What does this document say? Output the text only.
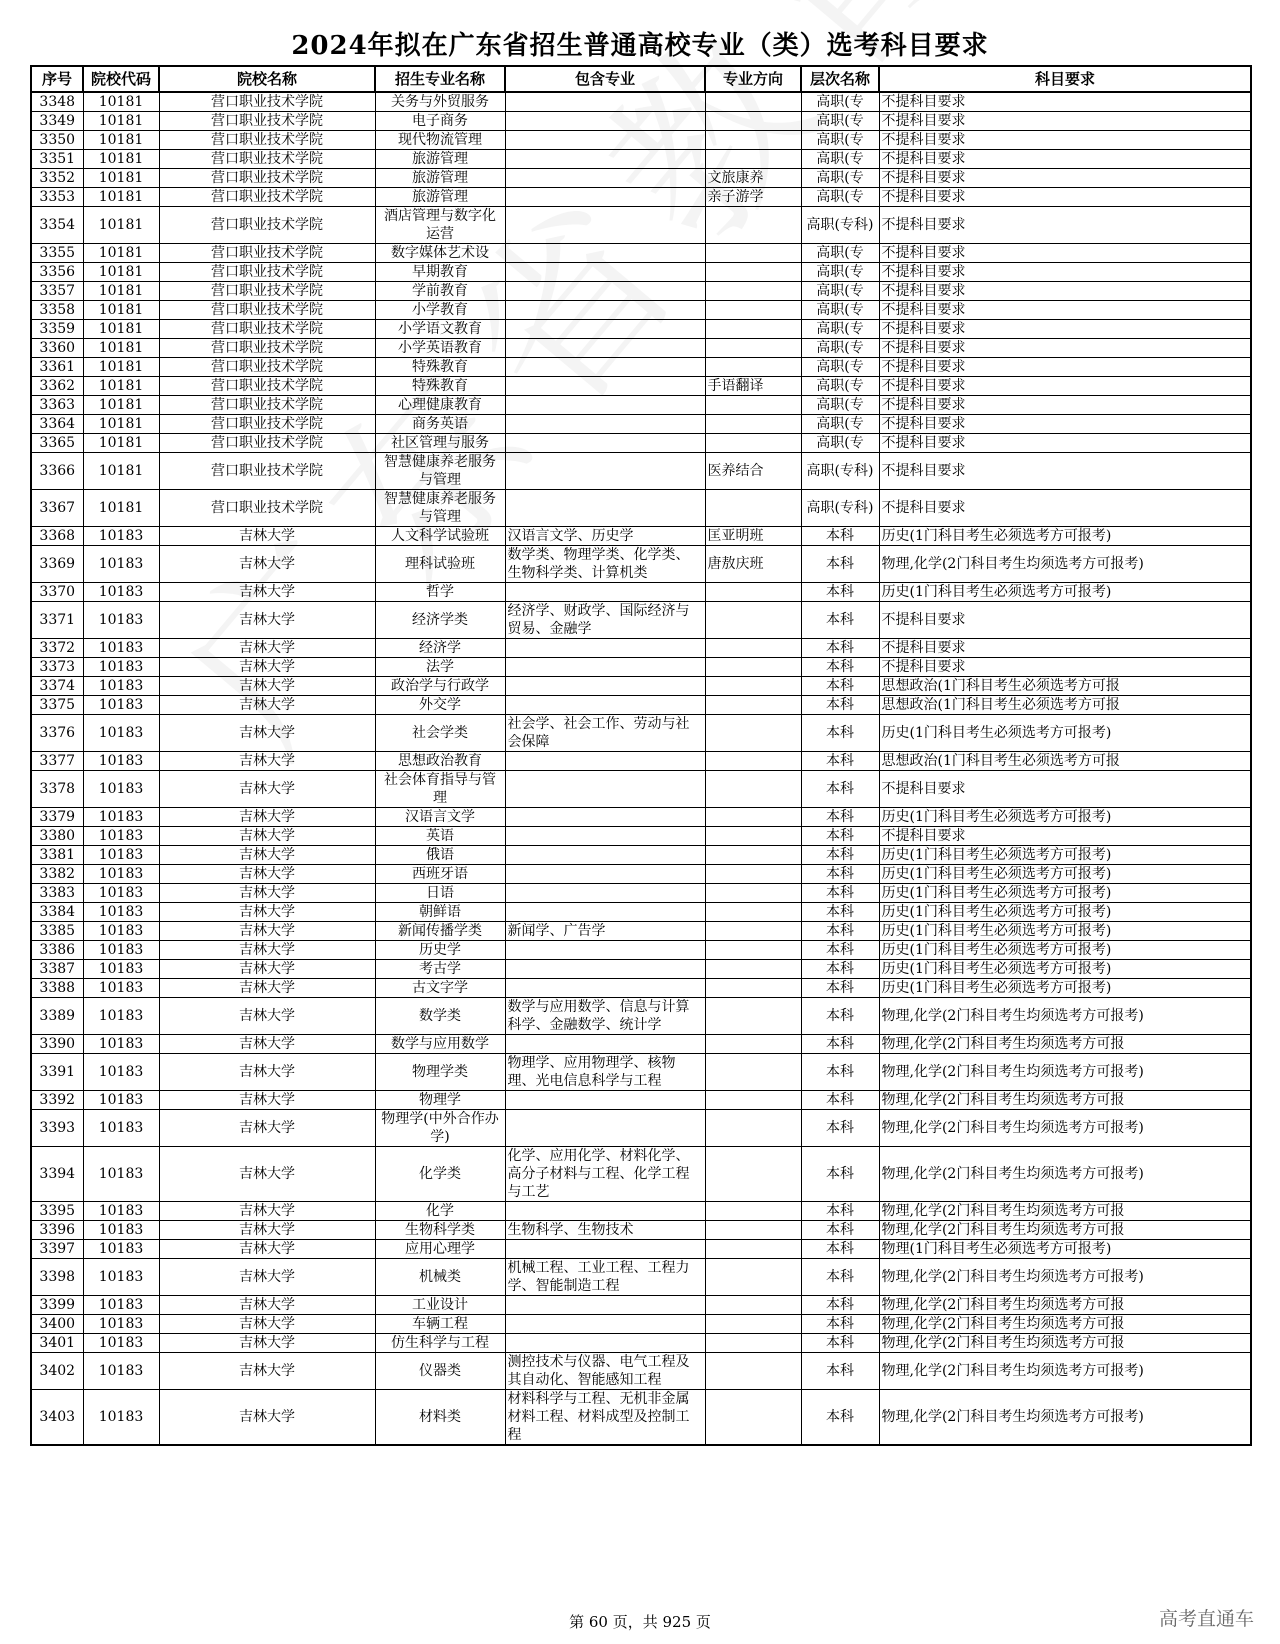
2024年拟在广东省招生普通高校专业（类）选考科目要求
序号	院校代码	院校名称	招生专业名称	包含专业	专业方向	层次名称	科目要求
3348	10181	营口职业技术学院	关务与外贸服务			高职(专	不提科目要求
3349	10181	营口职业技术学院	电子商务			高职(专	不提科目要求
3350	10181	营口职业技术学院	现代物流管理			高职(专	不提科目要求
3351	10181	营口职业技术学院	旅游管理			高职(专	不提科目要求
3352	10181	营口职业技术学院	旅游管理		文旅康养	高职(专	不提科目要求
3353	10181	营口职业技术学院	旅游管理		亲子游学	高职(专	不提科目要求
3354	10181	营口职业技术学院	酒店管理与数字化运营			高职(专科)	不提科目要求
3355	10181	营口职业技术学院	数字媒体艺术设			高职(专	不提科目要求
3356	10181	营口职业技术学院	早期教育			高职(专	不提科目要求
3357	10181	营口职业技术学院	学前教育			高职(专	不提科目要求
3358	10181	营口职业技术学院	小学教育			高职(专	不提科目要求
3359	10181	营口职业技术学院	小学语文教育			高职(专	不提科目要求
3360	10181	营口职业技术学院	小学英语教育			高职(专	不提科目要求
3361	10181	营口职业技术学院	特殊教育			高职(专	不提科目要求
3362	10181	营口职业技术学院	特殊教育		手语翻译	高职(专	不提科目要求
3363	10181	营口职业技术学院	心理健康教育			高职(专	不提科目要求
3364	10181	营口职业技术学院	商务英语			高职(专	不提科目要求
3365	10181	营口职业技术学院	社区管理与服务			高职(专	不提科目要求
3366	10181	营口职业技术学院	智慧健康养老服务与管理		医养结合	高职(专科)	不提科目要求
3367	10181	营口职业技术学院	智慧健康养老服务与管理			高职(专科)	不提科目要求
3368	10183	吉林大学	人文科学试验班	汉语言文学、历史学	匡亚明班	本科	历史(1门科目考生必须选考方可报考)
3369	10183	吉林大学	理科试验班	数学类、物理学类、化学类、生物科学类、计算机类	唐敖庆班	本科	物理,化学(2门科目考生均须选考方可报考)
3370	10183	吉林大学	哲学			本科	历史(1门科目考生必须选考方可报考)
3371	10183	吉林大学	经济学类	经济学、财政学、国际经济与贸易、金融学		本科	不提科目要求
3372	10183	吉林大学	经济学			本科	不提科目要求
3373	10183	吉林大学	法学			本科	不提科目要求
3374	10183	吉林大学	政治学与行政学			本科	思想政治(1门科目考生必须选考方可报
3375	10183	吉林大学	外交学			本科	思想政治(1门科目考生必须选考方可报
3376	10183	吉林大学	社会学类	社会学、社会工作、劳动与社会保障		本科	历史(1门科目考生必须选考方可报考)
3377	10183	吉林大学	思想政治教育			本科	思想政治(1门科目考生必须选考方可报
3378	10183	吉林大学	社会体育指导与管理			本科	不提科目要求
3379	10183	吉林大学	汉语言文学			本科	历史(1门科目考生必须选考方可报考)
3380	10183	吉林大学	英语			本科	不提科目要求
3381	10183	吉林大学	俄语			本科	历史(1门科目考生必须选考方可报考)
3382	10183	吉林大学	西班牙语			本科	历史(1门科目考生必须选考方可报考)
3383	10183	吉林大学	日语			本科	历史(1门科目考生必须选考方可报考)
3384	10183	吉林大学	朝鲜语			本科	历史(1门科目考生必须选考方可报考)
3385	10183	吉林大学	新闻传播学类	新闻学、广告学		本科	历史(1门科目考生必须选考方可报考)
3386	10183	吉林大学	历史学			本科	历史(1门科目考生必须选考方可报考)
3387	10183	吉林大学	考古学			本科	历史(1门科目考生必须选考方可报考)
3388	10183	吉林大学	古文字学			本科	历史(1门科目考生必须选考方可报考)
3389	10183	吉林大学	数学类	数学与应用数学、信息与计算科学、金融数学、统计学		本科	物理,化学(2门科目考生均须选考方可报考)
3390	10183	吉林大学	数学与应用数学			本科	物理,化学(2门科目考生均须选考方可报
3391	10183	吉林大学	物理学类	物理学、应用物理学、核物理、光电信息科学与工程		本科	物理,化学(2门科目考生均须选考方可报考)
3392	10183	吉林大学	物理学			本科	物理,化学(2门科目考生均须选考方可报
3393	10183	吉林大学	物理学(中外合作办学)			本科	物理,化学(2门科目考生均须选考方可报考)
3394	10183	吉林大学	化学类	化学、应用化学、材料化学、高分子材料与工程、化学工程与工艺		本科	物理,化学(2门科目考生均须选考方可报考)
3395	10183	吉林大学	化学			本科	物理,化学(2门科目考生均须选考方可报
3396	10183	吉林大学	生物科学类	生物科学、生物技术		本科	物理,化学(2门科目考生均须选考方可报
3397	10183	吉林大学	应用心理学			本科	物理(1门科目考生必须选考方可报考)
3398	10183	吉林大学	机械类	机械工程、工业工程、工程力学、智能制造工程		本科	物理,化学(2门科目考生均须选考方可报考)
3399	10183	吉林大学	工业设计			本科	物理,化学(2门科目考生均须选考方可报
3400	10183	吉林大学	车辆工程			本科	物理,化学(2门科目考生均须选考方可报
3401	10183	吉林大学	仿生科学与工程			本科	物理,化学(2门科目考生均须选考方可报
3402	10183	吉林大学	仪器类	测控技术与仪器、电气工程及其自动化、智能感知工程		本科	物理,化学(2门科目考生均须选考方可报考)
3403	10183	吉林大学	材料类	材料科学与工程、无机非金属材料工程、材料成型及控制工程		本科	物理,化学(2门科目考生均须选考方可报考)
第 60 页，共 925 页	高考直通车
